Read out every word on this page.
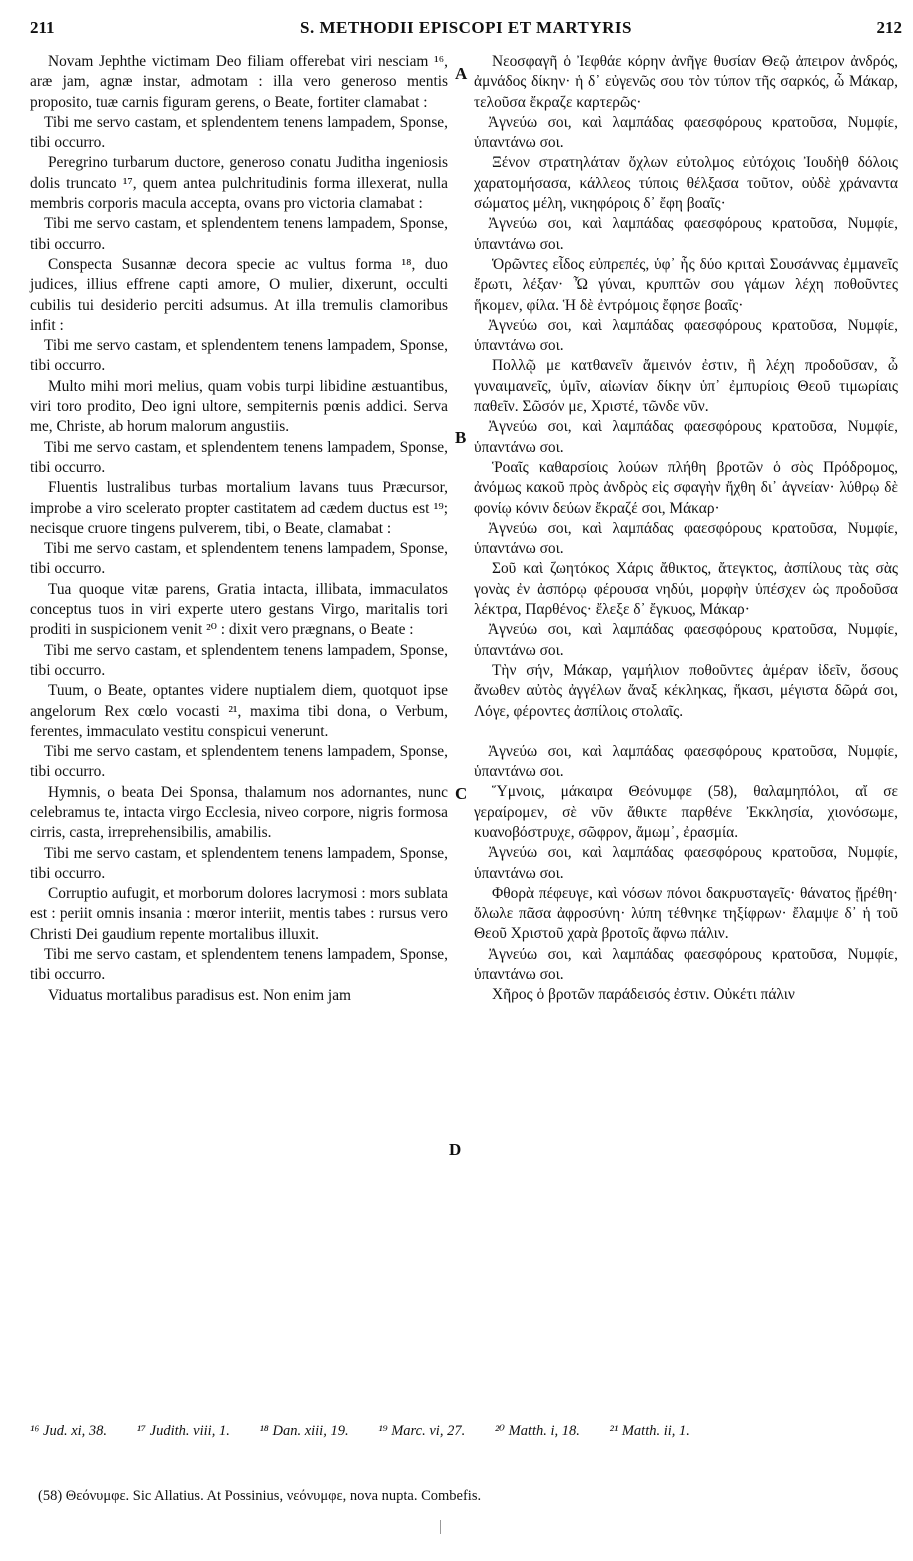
211	S. METHODII EPISCOPI ET MARTYRIS	212

Novam Jephthe victimam Deo filiam offerebat viri nesciam ¹⁶, aræ jam, agnæ instar, admotam : illa vero generoso mentis proposito, tuæ carnis figuram gerens, o Beate, fortiter clamabat :

Tibi me servo castam, et splendentem tenens lampadem, Sponse, tibi occurro.

Peregrino turbarum ductore, generoso conatu Juditha ingeniosis dolis truncato ¹⁷, quem antea pulchritudinis forma illexerat, nulla membris corporis macula accepta, ovans pro victoria clamabat :

Tibi me servo castam, et splendentem tenens lampadem, Sponse, tibi occurro.

Conspecta Susannæ decora specie ac vultus forma ¹⁸, duo judices, illius effrene capti amore, O mulier, dixerunt, occulti cubilis tui desiderio perciti adsumus. At illa tremulis clamoribus infit :

Tibi me servo castam, et splendentem tenens lampadem, Sponse, tibi occurro.

Multo mihi mori melius, quam vobis turpi libidine æstuantibus, viri toro prodito, Deo igni ultore, sempiternis pœnis addici. Serva me, Christe, ab horum malorum angustiis.

Tibi me servo castam, et splendentem tenens lampadem, Sponse, tibi occurro.

Fluentis lustralibus turbas mortalium lavans tuus Præcursor, improbe a viro scelerato propter castitatem ad cædem ductus est ¹⁹; necisque cruore tingens pulverem, tibi, o Beate, clamabat :

Tibi me servo castam, et splendentem tenens lampadem, Sponse, tibi occurro.

Tua quoque vitæ parens, Gratia intacta, illibata, immaculatos conceptus tuos in viri experte utero gestans Virgo, maritalis tori proditi in suspicionem venit ²⁰ : dixit vero prægnans, o Beate :

Tibi me servo castam, et splendentem tenens lampadem, Sponse, tibi occurro.

Tuum, o Beate, optantes videre nuptialem diem, quotquot ipse angelorum Rex cœlo vocasti ²¹, maxima tibi dona, o Verbum, ferentes, immaculato vestitu conspicui venerunt.

Tibi me servo castam, et splendentem tenens lampadem, Sponse, tibi occurro.

Hymnis, o beata Dei Sponsa, thalamum nos adornantes, nunc celebramus te, intacta virgo Ecclesia, niveo corpore, nigris formosa cirris, casta, irreprehensibilis, amabilis.

Tibi me servo castam, et splendentem tenens lampadem, Sponse, tibi occurro.

Corruptio aufugit, et morborum dolores lacrymosi : mors sublata est : periit omnis insania : mœror interiit, mentis tabes : rursus vero Christi Dei gaudium repente mortalibus illuxit.

Tibi me servo castam, et splendentem tenens lampadem, Sponse, tibi occurro.

Viduatus mortalibus paradisus est. Non enim jam

A
B
C
D

Νεοσφαγῆ ὁ Ἰεφθάε κόρην ἀνῆγε θυσίαν Θεῷ ἀπειρον ἀνδρός, ἀμνάδος δίκην· ἡ δ᾽ εὐγενῶς σου τὸν τύπον τῆς σαρκός, ὦ Μάκαρ, τελοῦσα ἔκραζε καρτερῶς·

Ἀγνεύω σοι, καὶ λαμπάδας φαεσφόρους κρατοῦσα, Νυμφίε, ὑπαντάνω σοι.

Ξένον στρατηλάταν ὄχλων εὐτολμος εὐτόχοις Ἰουδὴθ δόλοις χαρατομήσασα, κάλλεος τύποις θέλξασα τοῦτον, οὐδὲ χράναντα σώματος μέλη, νικηφόροις δ᾽ ἔφη βοαῖς·

Ἀγνεύω σοι, καὶ λαμπάδας φαεσφόρους κρατοῦσα, Νυμφίε, ὑπαντάνω σοι.

Ὁρῶντες εἶδος εὐπρεπές, ὑφ᾽ ἧς δύο κριταὶ Σουσάννας ἐμμανεῖς ἔρωτι, λέξαν· Ὦ γύναι, κρυπτῶν σου γάμων λέχη ποθοῦντες ἥκομεν, φίλα. Ἡ δὲ ἐντρόμοις ἔφησε βοαῖς·

Ἀγνεύω σοι, καὶ λαμπάδας φαεσφόρους κρατοῦσα, Νυμφίε, ὑπαντάνω σοι.

Πολλῷ με κατθανεῖν ἄμεινόν ἐστιν, ἢ λέχη προδοῦσαν, ὦ γυναιμανεῖς, ὑμῖν, αἰωνίαν δίκην ὑπ᾽ ἐμπυρίοις Θεοῦ τιμωρίαις παθεῖν. Σῶσόν με, Χριστέ, τῶνδε νῦν.

Ἀγνεύω σοι, καὶ λαμπάδας φαεσφόρους κρατοῦσα, Νυμφίε, ὑπαντάνω σοι.

Ῥοαῖς καθαρσίοις λούων πλήθη βροτῶν ὁ σὸς Πρόδρομος, ἀνόμως κακοῦ πρὸς ἀνδρὸς εἰς σφαγὴν ἤχθη δι᾽ ἁγνείαν· λύθρῳ δὲ φονίῳ κόνιν δεύων ἔκραζέ σοι, Μάκαρ·

Ἀγνεύω σοι, καὶ λαμπάδας φαεσφόρους κρατοῦσα, Νυμφίε, ὑπαντάνω σοι.

Σοῦ καὶ ζωητόκος Χάρις ἄθικτος, ἄτεγκτος, ἀσπίλους τὰς σὰς γονὰς ἐν ἀσπόρῳ φέρουσα νηδύι, μορφὴν ὑπέσχεν ὡς προδοῦσα λέκτρα, Παρθένος· ἔλεξε δ᾽ ἔγκυος, Μάκαρ·

Ἀγνεύω σοι, καὶ λαμπάδας φαεσφόρους κρατοῦσα, Νυμφίε, ὑπαντάνω σοι.

Τὴν σήν, Μάκαρ, γαμήλιον ποθοῦντες ἁμέραν ἰδεῖν, ὅσους ἄνωθεν αὐτὸς ἀγγέλων ἄναξ κέκληκας, ἥκασι, μέγιστα δῶρά σοι, Λόγε, φέροντες ἀσπίλοις στολαῖς.

Ἀγνεύω σοι, καὶ λαμπάδας φαεσφόρους κρατοῦσα, Νυμφίε, ὑπαντάνω σοι.

Ὕμνοις, μάκαιρα Θεόνυμφε (58), θαλαμηπόλοι, αἴ σε γεραίρομεν, σὲ νῦν ἄθικτε παρθένε Ἐκκλησία, χιονόσωμε, κυανοβόστρυχε, σῶφρον, ἄμωμ᾽, ἐρασμία.

Ἀγνεύω σοι, καὶ λαμπάδας φαεσφόρους κρατοῦσα, Νυμφίε, ὑπαντάνω σοι.

Φθορὰ πέφευγε, καὶ νόσων πόνοι δακρυσταγεῖς· θάνατος ᾔρέθη· ὄλωλε πᾶσα ἀφροσύνη· λύπη τέθνηκε τηξίφρων· ἔλαμψε δ᾽ ἡ τοῦ Θεοῦ Χριστοῦ χαρὰ βροτοῖς ἄφνω πάλιν.

Ἀγνεύω σοι, καὶ λαμπάδας φαεσφόρους κρατοῦσα, Νυμφίε, ὑπαντάνω σοι.

Χῆρος ὁ βροτῶν παράδεισός ἐστιν. Οὐκέτι πάλιν

¹⁶ Jud. xi, 38. ¹⁷ Judith. viii, 1. ¹⁸ Dan. xiii, 19. ¹⁹ Marc. vi, 27. ²⁰ Matth. i, 18. ²¹ Matth. ii, 1.
(58) Θεόνυμφε. Sic Allatius. At Possinius, νεόνυμφε, nova nupta. Combefis.
